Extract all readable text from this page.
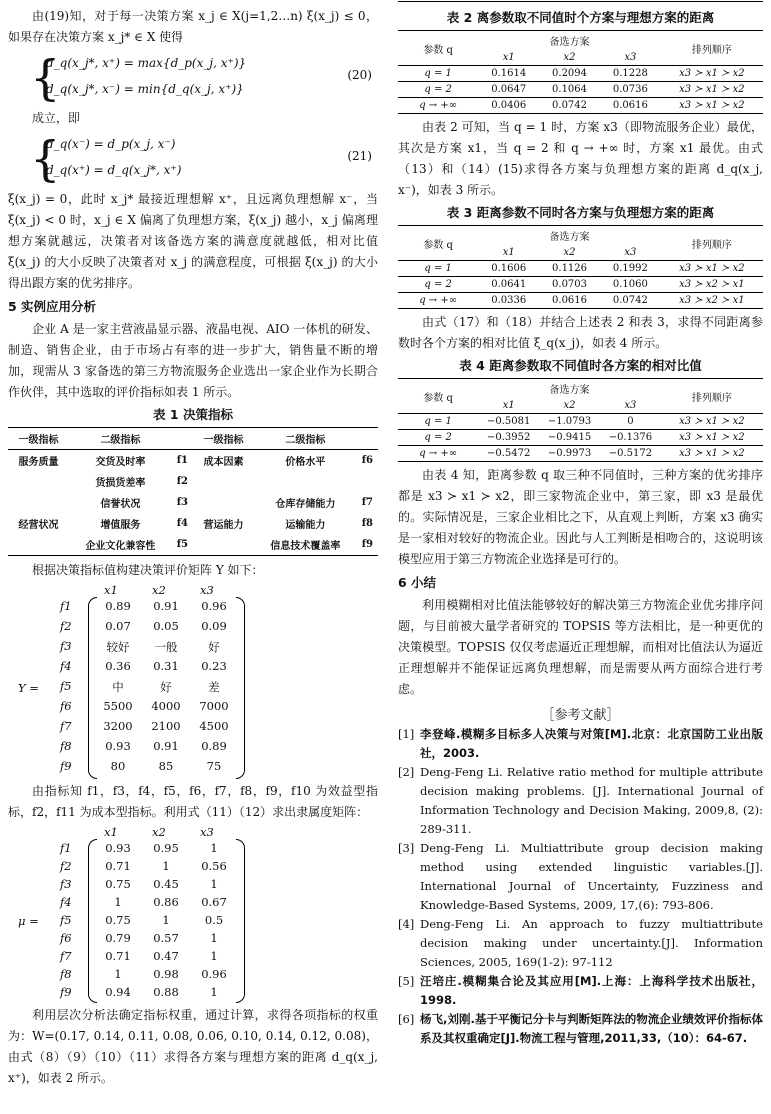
由(19)知，对于每一决策方案 x_j ∈ X(j=1,2…n) ξ(x_j) ≤ 0，如果存在决策方案 x_j* ∈ X 使得

{
d_q(x_j*, x⁺) = max{d_p(x_j, x⁺)}
d_q(x_j*, x⁻) = min{d_q(x_j, x⁺)}
(20)

成立，即

{
d_q(x⁻) = d_p(x_j, x⁻)
d_q(x⁺) = d_q(x_j*, x⁺)
(21)

ξ(x_j) = 0，此时 x_j* 最接近理想解 x⁺，且远离负理想解 x⁻，当 ξ(x_j) < 0 时，x_j ∈ X 偏离了负理想方案，ξ(x_j) 越小，x_j 偏离理想方案就越远，决策者对该备选方案的满意度就越低，相对比值 ξ(x_j) 的大小反映了决策者对 x_j 的满意程度，可根据 ξ(x_j) 的大小得出跟方案的优劣排序。

5 实例应用分析

企业 A 是一家主营液晶显示器、液晶电视、AIO 一体机的研发、制造、销售企业，由于市场占有率的进一步扩大，销售量不断的增加，现需从 3 家备选的第三方物流服务企业选出一家企业作为长期合作伙伴，其中选取的评价指标如表 1 所示。

表 1 决策指标
一级指标	二级指标		一级指标	二级指标	
服务质量	交货及时率	f1	成本因素	价格水平	f6
	货损货差率	f2			
	信誉状况	f3		仓库存储能力	f7
经营状况	增值服务	f4	营运能力	运输能力	f8
	企业文化兼容性	f5		信息技术覆盖率	f9

根据决策指标值构建决策评价矩阵 Y 如下：

x1	x2	x3
f1	0.89	0.91	0.96
f2	0.07	0.05	0.09
f3	较好	一般	好
f4	0.36	0.31	0.23
f5	中	好	差
f6	5500	4000	7000
f7	3200	2100	4500
f8	0.93	0.91	0.89
f9	80	85	75
Y =

由指标知 f1，f3，f4，f5，f6，f7，f8，f9，f10 为效益型指标，f2，f11 为成本型指标。利用式（11）（12）求出隶属度矩阵：

x1	x2	x3
f1	0.93	0.95	1
f2	0.71	1	0.56
f3	0.75	0.45	1
f4	1	0.86	0.67
f5	0.75	1	0.5
f6	0.79	0.57	1
f7	0.71	0.47	1
f8	1	0.98	0.96
f9	0.94	0.88	1
μ =

利用层次分析法确定指标权重，通过计算，求得各项指标的权重为：W=(0.17, 0.14, 0.11, 0.08, 0.06, 0.10, 0.14, 0.12, 0.08)，由式（8）（9）（10）（11）求得各方案与理想方案的距离 d_q(x_j, x⁺)，如表 2 所示。

表 2 离参数取不同值时个方案与理想方案的距离
参数 q	备选方案			排列顺序
	x1	x2	x3	
q = 1	0.1614	0.2094	0.1228	x3 ≻ x1 ≻ x2
q = 2	0.0647	0.1064	0.0736	x3 ≻ x1 ≻ x2
q → +∞	0.0406	0.0742	0.0616	x3 ≻ x1 ≻ x2

由表 2 可知，当 q = 1 时，方案 x3（即物流服务企业）最优，其次是方案 x1，当 q = 2 和 q → +∞ 时，方案 x1 最优。由式（13）和（14）(15)求得各方案与负理想方案的距离 d_q(x_j, x⁻)，如表 3 所示。

表 3 距离参数不同时各方案与负理想方案的距离
参数 q	备选方案			排列顺序
	x1	x2	x3	
q = 1	0.1606	0.1126	0.1992	x3 ≻ x1 ≻ x2
q = 2	0.0641	0.0703	0.1060	x3 ≻ x2 ≻ x1
q → +∞	0.0336	0.0616	0.0742	x3 ≻ x2 ≻ x1

由式（17）和（18）并结合上述表 2 和表 3，求得不同距离参数时各个方案的相对比值 ξ_q(x_j)，如表 4 所示。

表 4 距离参数取不同值时各方案的相对比值
参数 q	备选方案			排列顺序
	x1	x2	x3	
q = 1	−0.5081	−1.0793	0	x3 ≻ x1 ≻ x2
q = 2	−0.3952	−0.9415	−0.1376	x3 ≻ x1 ≻ x2
q → +∞	−0.5472	−0.9973	−0.5172	x3 ≻ x1 ≻ x2

由表 4 知，距离参数 q 取三种不同值时，三种方案的优劣排序都是 x3 ≻ x1 ≻ x2，即三家物流企业中，第三家，即 x3 是最优的。实际情况是，三家企业相比之下，从直观上判断，方案 x3 确实是一家相对较好的物流企业。因此与人工判断是相吻合的，这说明该模型应用于第三方物流企业选择是可行的。

6 小结

利用模糊相对比值法能够较好的解决第三方物流企业优劣排序问题，与目前被大量学者研究的 TOPSIS 等方法相比，是一种更优的决策模型。TOPSIS 仅仅考虑逼近正理想解，而相对比值法认为逼近正理想解并不能保证远离负理想解，而是需要从两方面综合进行考虑。

［参考文献］
[1] 李登峰.模糊多目标多人决策与对策[M].北京：北京国防工业出版社，2003.
[2] Deng-Feng Li. Relative ratio method for multiple attribute decision making problems. [J]. International Journal of Information Technology and Decision Making, 2009,8, (2): 289-311.
[3] Deng-Feng Li. Multiattribute group decision making method using extended linguistic variables.[J]. International Journal of Uncertainty, Fuzziness and Knowledge-Based Systems, 2009, 17,(6): 793-806.
[4] Deng-Feng Li. An approach to fuzzy multiattribute decision making under uncertainty.[J]. Information Sciences, 2005, 169(1-2): 97-112
[5] 汪培庄.模糊集合论及其应用[M].上海：上海科学技术出版社，1998.
[6] 杨飞,刘刚.基于平衡记分卡与判断矩阵法的物流企业绩效评价指标体系及其权重确定[J].物流工程与管理,2011,33,（10）：64-67.
